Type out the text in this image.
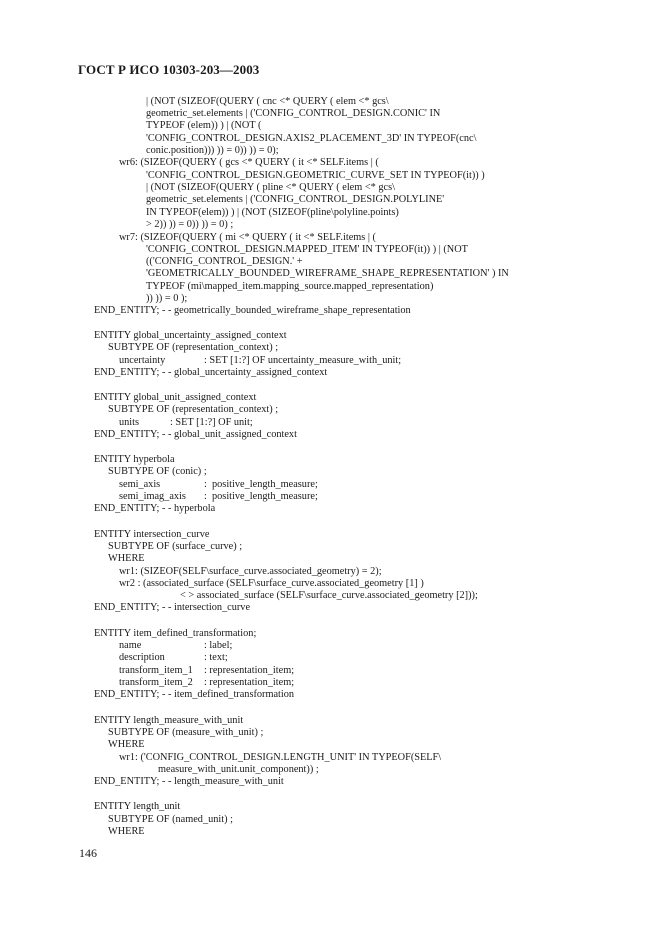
ГОСТ Р ИСО 10303-203—2003
| (NOT (SIZEOF(QUERY ( cnc <* QUERY ( elem <* gcs\
geometric_set.elements | ('CONFIG_CONTROL_DESIGN.CONIC' IN
TYPEOF (elem)) ) | (NOT (
'CONFIG_CONTROL_DESIGN.AXIS2_PLACEMENT_3D' IN TYPEOF(cnc\
conic.position))) )) = 0)) )) = 0);
wr6: (SIZEOF(QUERY ( gcs <* QUERY ( it <* SELF.items | (
'CONFIG_CONTROL_DESIGN.GEOMETRIC_CURVE_SET IN TYPEOF(it)) )
| (NOT (SIZEOF(QUERY ( pline <* QUERY ( elem <* gcs\
geometric_set.elements | ('CONFIG_CONTROL_DESIGN.POLYLINE'
IN TYPEOF(elem)) ) | (NOT (SIZEOF(pline\polyline.points)
> 2)) )) = 0)) )) = 0) ;
wr7: (SIZEOF(QUERY ( mi <* QUERY ( it <* SELF.items | (
'CONFIG_CONTROL_DESIGN.MAPPED_ITEM' IN TYPEOF(it)) ) | (NOT
(('CONFIG_CONTROL_DESIGN.' +
'GEOMETRICALLY_BOUNDED_WIREFRAME_SHAPE_REPRESENTATION' ) IN
TYPEOF (mi\mapped_item.mapping_source.mapped_representation)
)) )) = 0 );
END_ENTITY; - - geometrically_bounded_wireframe_shape_representation
ENTITY global_uncertainty_assigned_context
SUBTYPE OF (representation_context) ;
uncertainty	: SET [1:?] OF uncertainty_measure_with_unit;
END_ENTITY; - - global_uncertainty_assigned_context
ENTITY global_unit_assigned_context
SUBTYPE OF (representation_context) ;
units	: SET [1:?] OF unit;
END_ENTITY; - - global_unit_assigned_context
ENTITY hyperbola
SUBTYPE OF (conic) ;
semi_axis	:  positive_length_measure;
semi_imag_axis :  positive_length_measure;
END_ENTITY; - - hyperbola
ENTITY intersection_curve
SUBTYPE OF (surface_curve) ;
WHERE
wr1: (SIZEOF(SELF\surface_curve.associated_geometry) = 2);
wr2 : (associated_surface (SELF\surface_curve.associated_geometry [1] )
< > associated_surface (SELF\surface_curve.associated_geometry [2]));
END_ENTITY; - - intersection_curve
ENTITY item_defined_transformation;
name	: label;
description	: text;
transform_item_1 : representation_item;
transform_item_2 : representation_item;
END_ENTITY; - - item_defined_transformation
ENTITY length_measure_with_unit
SUBTYPE OF (measure_with_unit) ;
WHERE
wr1: ('CONFIG_CONTROL_DESIGN.LENGTH_UNIT' IN TYPEOF(SELF\
measure_with_unit.unit_component)) ;
END_ENTITY; - - length_measure_with_unit
ENTITY length_unit
SUBTYPE OF (named_unit) ;
WHERE
146
